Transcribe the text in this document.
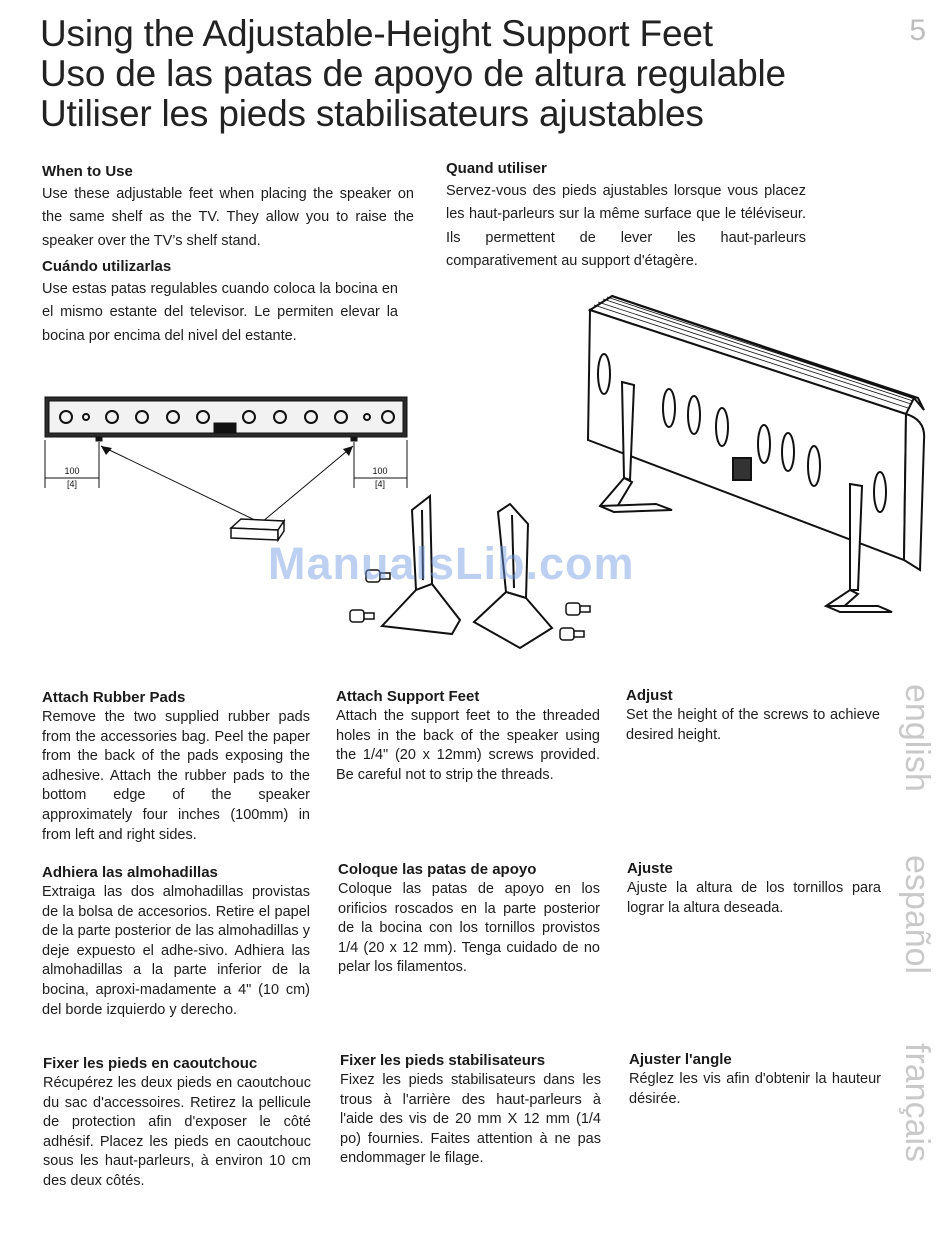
5
Using the Adjustable-Height Support Feet
Uso de las patas de apoyo de altura regulable
Utiliser les pieds stabilisateurs ajustables
When to Use

Use these adjustable feet when placing the speaker on the same shelf as the TV. They allow you to raise the speaker over the TV’s shelf stand.

Cuándo utilizarlas

Use estas patas regulables cuando coloca la bocina en el mismo estante del televisor. Le permiten elevar la bocina por encima del nivel del estante.

Quand utiliser

Servez-vous des pieds ajustables lorsque vous placez les haut-parleurs sur la même surface que le téléviseur. Ils permettent de lever les haut-parleurs comparativement au support d'étagère.

100
[4]
100
[4]
ManualsLib.com
Attach Rubber Pads

Remove the two supplied rubber pads from the accessories bag. Peel the paper from the back of the pads exposing the adhesive. Attach the rubber pads to the bottom edge of the speaker approximately four inches (100mm) in from left and right sides.

Attach Support Feet

Attach the support feet to the threaded holes in the back of the speaker using the 1/4" (20 x 12mm) screws provided. Be careful not to strip the threads.

Adjust

Set the height of the screws to achieve desired height.

Adhiera las almohadillas

Extraiga las dos almohadillas provistas de la bolsa de accesorios. Retire el papel de la parte posterior de las almohadillas y deje expuesto el adhe-sivo. Adhiera las almohadillas a la parte inferior de la bocina, aproxi-madamente a 4" (10 cm) del borde izquierdo y derecho.

Coloque las patas de apoyo

Coloque las patas de apoyo en los orificios roscados en la parte posterior de la bocina con los tornillos provistos 1/4 (20 x 12 mm). Tenga cuidado de no pelar los filamentos.

Ajuste

Ajuste la altura de los tornillos para lograr la altura deseada.

Fixer les pieds en caoutchouc

Récupérez les deux pieds en caoutchouc du sac d'accessoires. Retirez la pellicule de protection afin d'exposer le côté adhésif. Placez les pieds en caoutchouc sous les haut-parleurs, à environ 10 cm des deux côtés.

Fixer les pieds stabilisateurs

Fixez les pieds stabilisateurs dans les trous à l'arrière des haut-parleurs à l'aide des vis de 20 mm X 12 mm (1/4 po) fournies. Faites attention à ne pas endommager le filage.

Ajuster l'angle

Réglez les vis afin d'obtenir la hauteur désirée.

english
español
français
